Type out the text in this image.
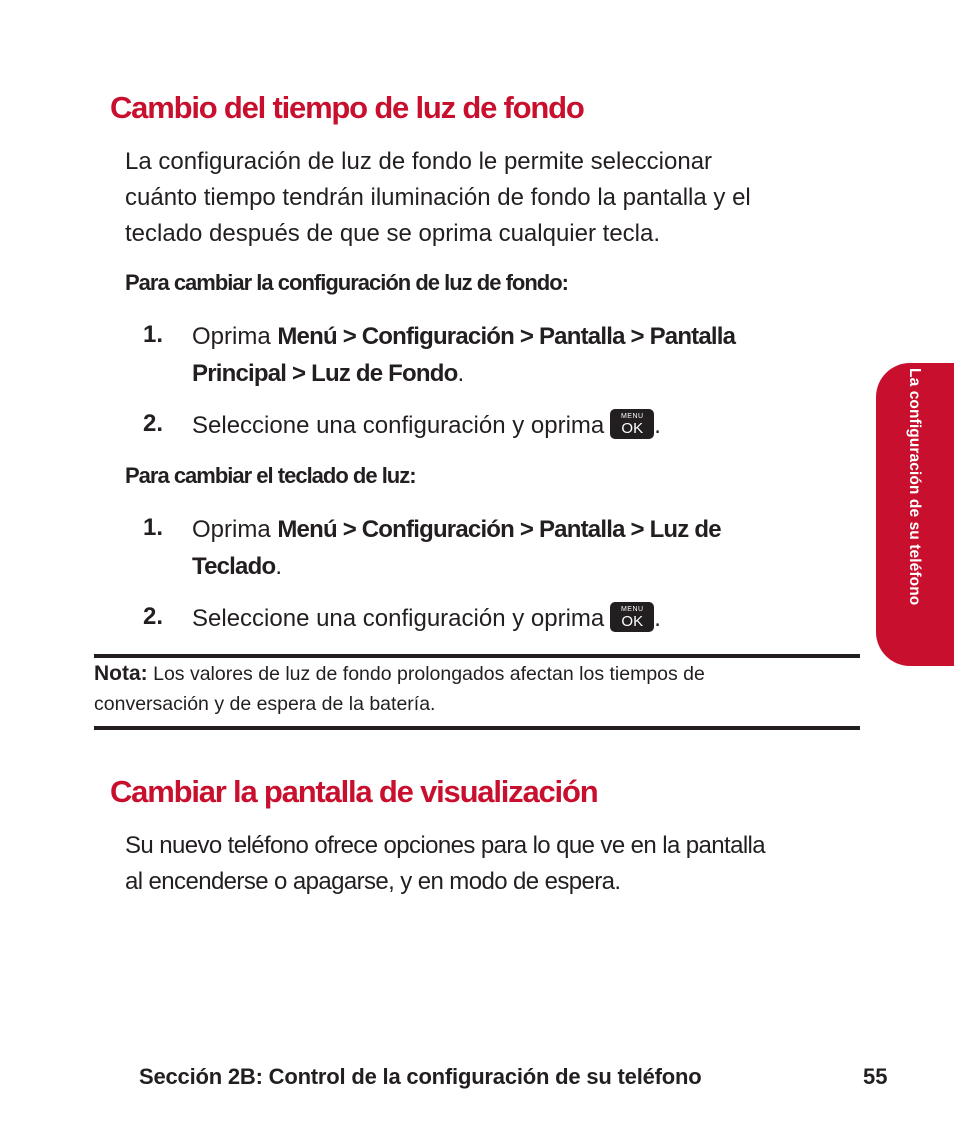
Cambio del tiempo de luz de fondo

La configuración de luz de fondo le permite seleccionar

cuánto tiempo tendrán iluminación de fondo la pantalla y el

teclado después de que se oprima cualquier tecla.

Para cambiar la configuración de luz de fondo:
1. Oprima Menú > Configuración > Pantalla > Pantalla

Principal > Luz de Fondo.

2. Seleccione una configuración y oprima	MENU
OK .

Para cambiar el teclado de luz:
1. Oprima Menú > Configuración > Pantalla > Luz de

Teclado.

2. Seleccione una configuración y oprima	MENU
OK .

Nota: Los valores de luz de fondo prolongados afectan los tiempos de

conversación y de espera de la batería.

Cambiar la pantalla de visualización

Su nuevo teléfono ofrece opciones para lo que ve en la pantalla

al encenderse o apagarse, y en modo de espera.

La configuración de su teléfono
Sección 2B: Control de la configuración de su teléfono	55
